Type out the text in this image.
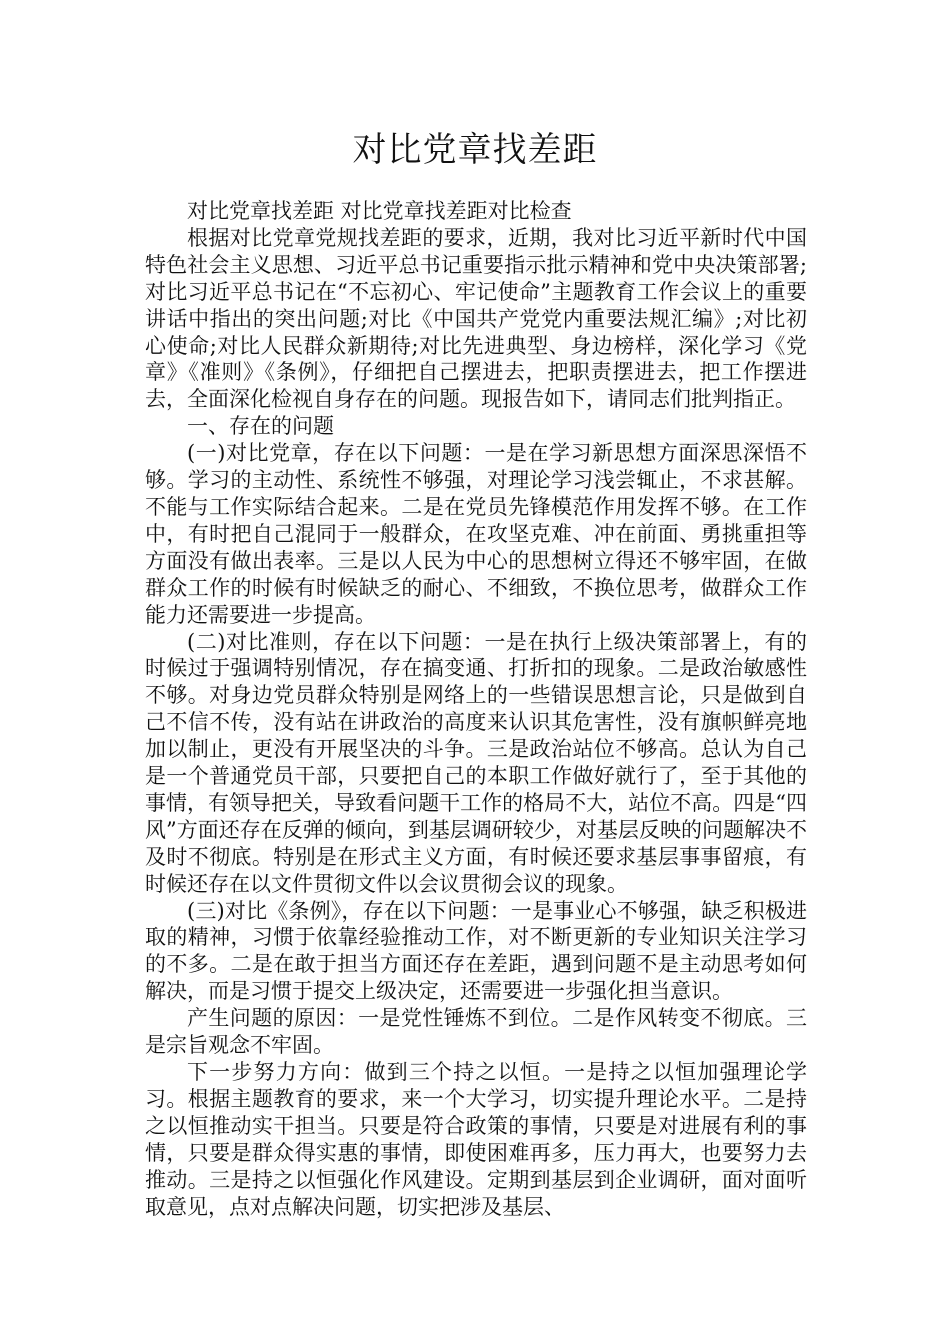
对比党章找差距

对比党章找差距 对比党章找差距对比检查

根据对比党章党规找差距的要求，近期，我对比习近平新时代中国特色社会主义思想、习近平总书记重要指示批示精神和党中央决策部署;对比习近平总书记在“不忘初心、牢记使命”主题教育工作会议上的重要讲话中指出的突出问题;对比《中国共产党党内重要法规汇编》;对比初心使命;对比人民群众新期待;对比先进典型、身边榜样，深化学习《党章》《准则》《条例》，仔细把自己摆进去，把职责摆进去，把工作摆进去，全面深化检视自身存在的问题。现报告如下，请同志们批判指正。

一、存在的问题

(一)对比党章，存在以下问题：一是在学习新思想方面深思深悟不够。学习的主动性、系统性不够强，对理论学习浅尝辄止，不求甚解。不能与工作实际结合起来。二是在党员先锋模范作用发挥不够。在工作中，有时把自己混同于一般群众，在攻坚克难、冲在前面、勇挑重担等方面没有做出表率。三是以人民为中心的思想树立得还不够牢固，在做群众工作的时候有时候缺乏的耐心、不细致，不换位思考，做群众工作能力还需要进一步提高。

(二)对比准则，存在以下问题：一是在执行上级决策部署上，有的时候过于强调特别情况，存在搞变通、打折扣的现象。二是政治敏感性不够。对身边党员群众特别是网络上的一些错误思想言论，只是做到自己不信不传，没有站在讲政治的高度来认识其危害性，没有旗帜鲜亮地加以制止，更没有开展坚决的斗争。三是政治站位不够高。总认为自己是一个普通党员干部，只要把自己的本职工作做好就行了，至于其他的事情，有领导把关，导致看问题干工作的格局不大，站位不高。四是“四风”方面还存在反弹的倾向，到基层调研较少，对基层反映的问题解决不及时不彻底。特别是在形式主义方面，有时候还要求基层事事留痕，有时候还存在以文件贯彻文件以会议贯彻会议的现象。

(三)对比《条例》，存在以下问题：一是事业心不够强，缺乏积极进取的精神，习惯于依靠经验推动工作，对不断更新的专业知识关注学习的不多。二是在敢于担当方面还存在差距，遇到问题不是主动思考如何解决，而是习惯于提交上级决定，还需要进一步强化担当意识。

产生问题的原因：一是党性锤炼不到位。二是作风转变不彻底。三是宗旨观念不牢固。

下一步努力方向：做到三个持之以恒。一是持之以恒加强理论学习。根据主题教育的要求，来一个大学习，切实提升理论水平。二是持之以恒推动实干担当。只要是符合政策的事情，只要是对进展有利的事情，只要是群众得实惠的事情，即使困难再多，压力再大，也要努力去推动。三是持之以恒强化作风建设。定期到基层到企业调研，面对面听取意见，点对点解决问题，切实把涉及基层、
